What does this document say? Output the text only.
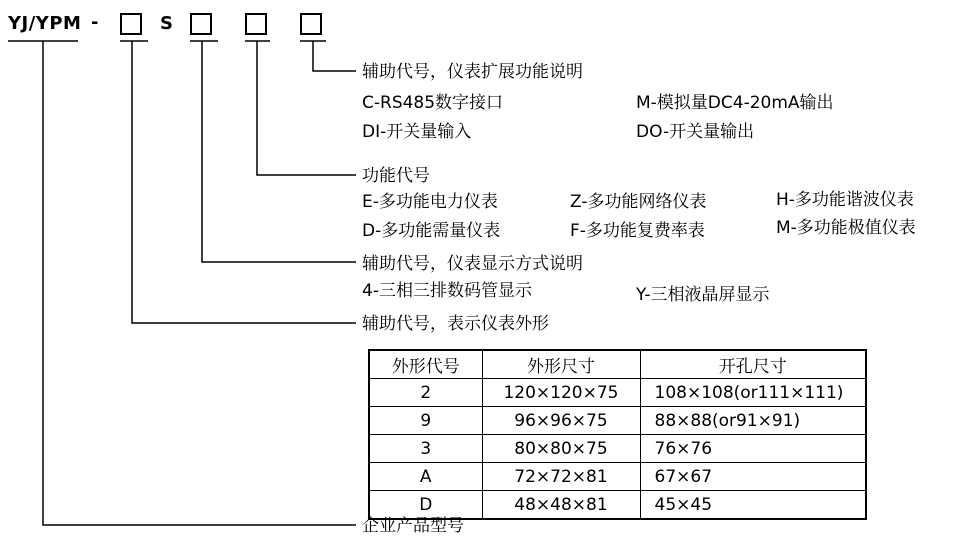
YJ/YPM -	S
辅助代号，仪表扩展功能说明
C-RS485数字接口	M-模拟量DC4-20mA输出
DI-开关量输入	DO-开关量输出
功能代号
E-多功能电力仪表	Z-多功能网络仪表	H-多功能谐波仪表
D-多功能需量仪表	F-多功能复费率表	M-多功能极值仪表
辅助代号，仪表显示方式说明
4-三相三排数码管显示	Y-三相液晶屏显示
辅助代号，表示仪表外形
外形代号	外形尺寸	开孔尺寸
2	120×120×75	108×108(or111×111)
9	96×96×75	88×88(or91×91)
3	80×80×75	76×76
A	72×72×81	67×67
D	48×48×81	45×45
企业产品型号
